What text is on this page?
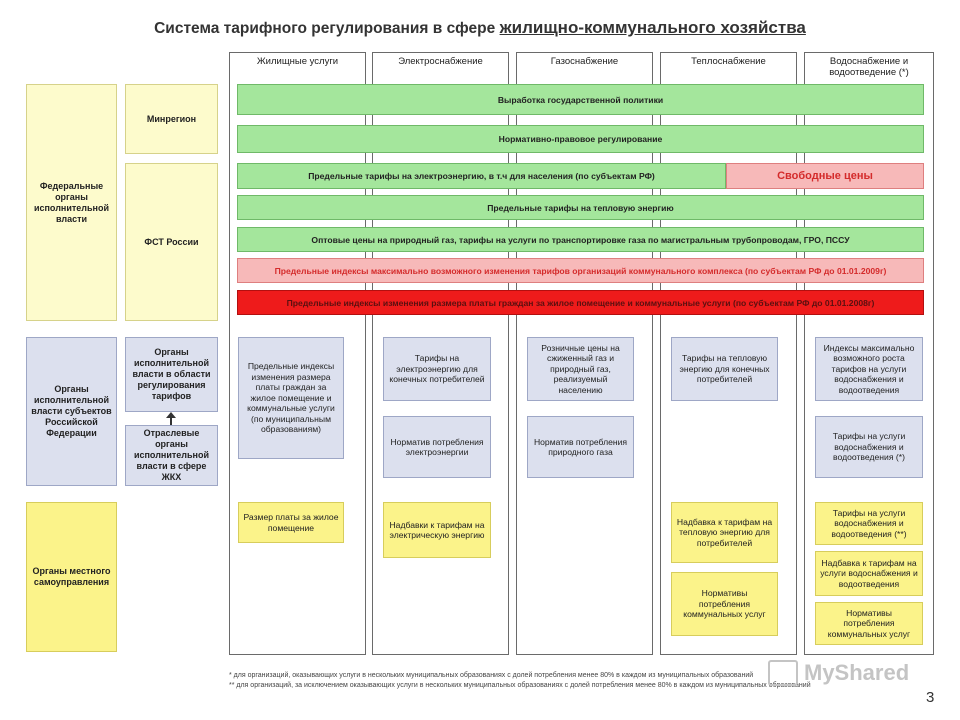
Система тарифного регулирования в сфере жилищно-коммунального хозяйства
Жилищные услуги	Электроснабжение	Газоснабжение	Теплоснабжение	Водоснабжение и водоотведение (*)
Федеральные органы исполнительной власти
Минрегион
ФСТ России
Органы исполнительной власти субъектов Российской Федерации
Органы исполнительной власти в области регулирования тарифов
Отраслевые органы исполнительной власти в сфере ЖКХ
Органы местного самоуправления
Выработка государственной политики
Нормативно-правовое регулирование
Предельные тарифы на электроэнергию, в т.ч для населения (по субъектам РФ)	Свободные цены
Предельные тарифы на тепловую энергию
Оптовые цены на природный газ, тарифы на услуги по транспортировке газа по магистральным трубопроводам, ГРО, ПССУ
Предельные индексы максимально возможного изменения тарифов организаций коммунального комплекса (по субъектам РФ до 01.01.2009г)
Предельные индексы изменения размера платы граждан за жилое помещение и коммунальные услуги (по субъектам РФ до 01.01.2008г)
Предельные индексы изменения размера платы граждан за жилое помещение и коммунальные услуги (по муниципальным образованиям)
Размер платы за жилое помещение
Тарифы на электроэнергию для конечных потребителей
Норматив потребления электроэнергии
Надбавки к тарифам на электрическую энергию
Розничные цены на сжиженный газ и природный газ, реализуемый населению
Норматив потребления природного газа
Тарифы на тепловую энергию для конечных потребителей
Надбавка к тарифам на тепловую энергию для потребителей
Нормативы потребления коммунальных услуг
Индексы максимально возможного роста тарифов на услуги водоснабжения и водоотведения
Тарифы на услуги водоснабжения и водоотведения (*)
Тарифы на услуги водоснабжения и водоотведения (**)
Надбавка к тарифам на услуги водоснабжения и водоотведения
Нормативы потребления коммунальных услуг
* для организаций, оказывающих услуги в нескольких муниципальных образованиях с долей потребления менее 80% в каждом из муниципальных образований
** для организаций, за исключением оказывающих услуги в нескольких муниципальных образованиях с долей потребления менее 80% в каждом из муниципальных образований
MyShared
3
